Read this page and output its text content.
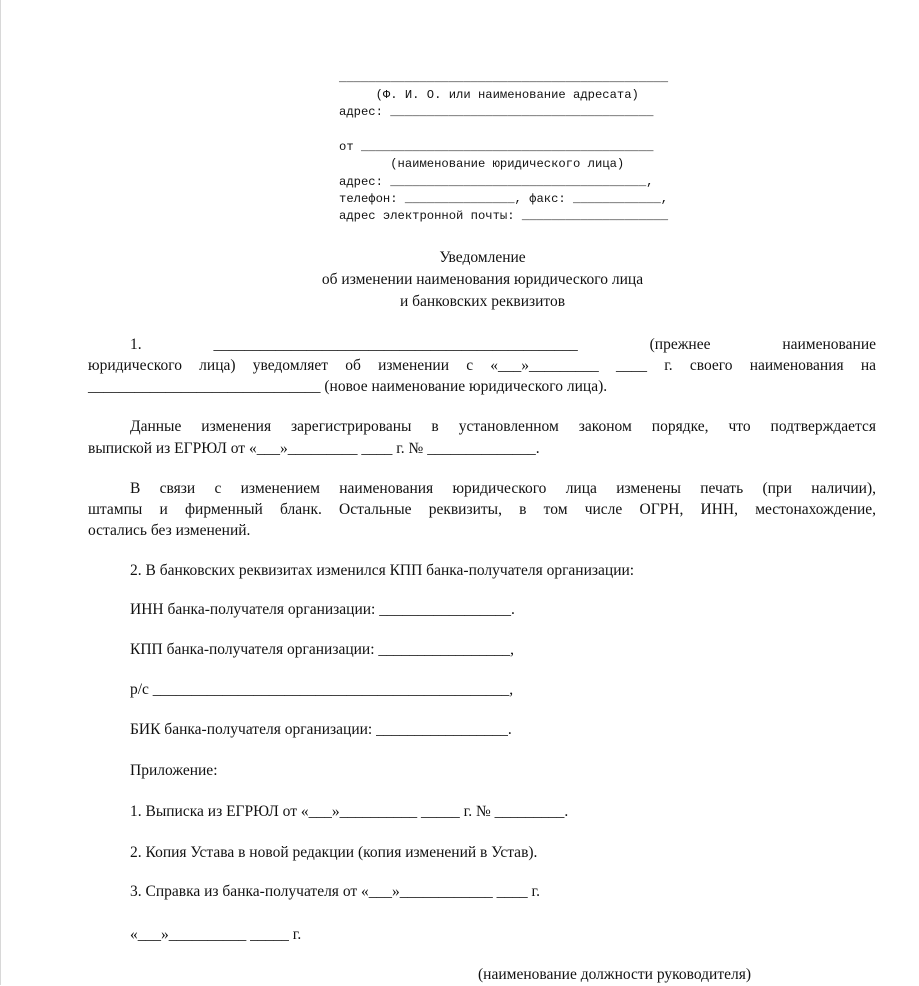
_____________________________________________
(Ф. И. О. или наименование адресата)
адрес: ____________________________________
от ________________________________________
(наименование юридического лица)
адрес: ___________________________________,
телефон: _______________, факс: ____________,
адрес электронной почты: ____________________
Уведомление
об изменении наименования юридического лица
и банковских реквизитов
1. _______________________________________________ (прежнее наименование
юридического лица) уведомляет об изменении с «___»_________ ____ г. своего наименования на
______________________________ (новое наименование юридического лица).
Данные изменения зарегистрированы в установленном законом порядке, что подтверждается
выпиской из ЕГРЮЛ от «___»_________ ____ г. № ______________.
В связи с изменением наименования юридического лица изменены печать (при наличии),
штампы и фирменный бланк. Остальные реквизиты, в том числе ОГРН, ИНН, местонахождение,
остались без изменений.
2. В банковских реквизитах изменился КПП банка-получателя организации:
ИНН банка-получателя организации: _________________.
КПП банка-получателя организации: _________________,
р/с ______________________________________________,
БИК банка-получателя организации: _________________.
Приложение:
1. Выписка из ЕГРЮЛ от «___»__________ _____ г. № _________.
2. Копия Устава в новой редакции (копия изменений в Устав).
3. Справка из банка-получателя от «___»____________ ____ г.
«___»__________ _____ г.
(наименование должности руководителя)
